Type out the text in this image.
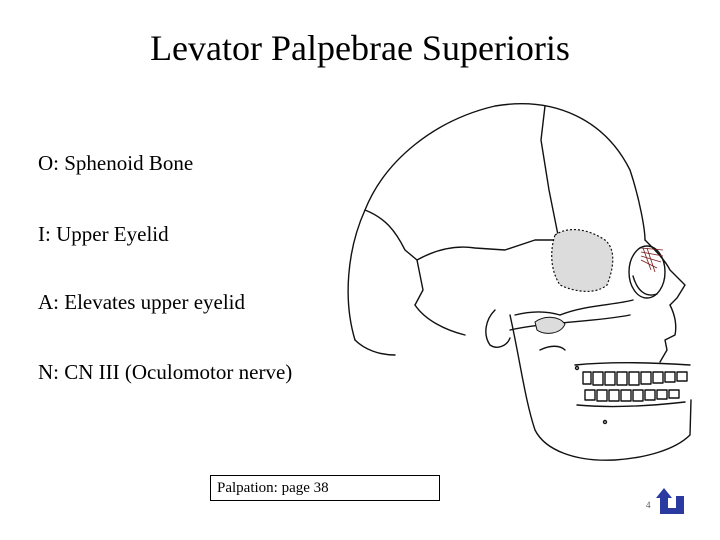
Levator Palpebrae Superioris
O: Sphenoid Bone
I: Upper Eyelid
A: Elevates upper eyelid
N: CN III (Oculomotor nerve)
Palpation: page 38
4
